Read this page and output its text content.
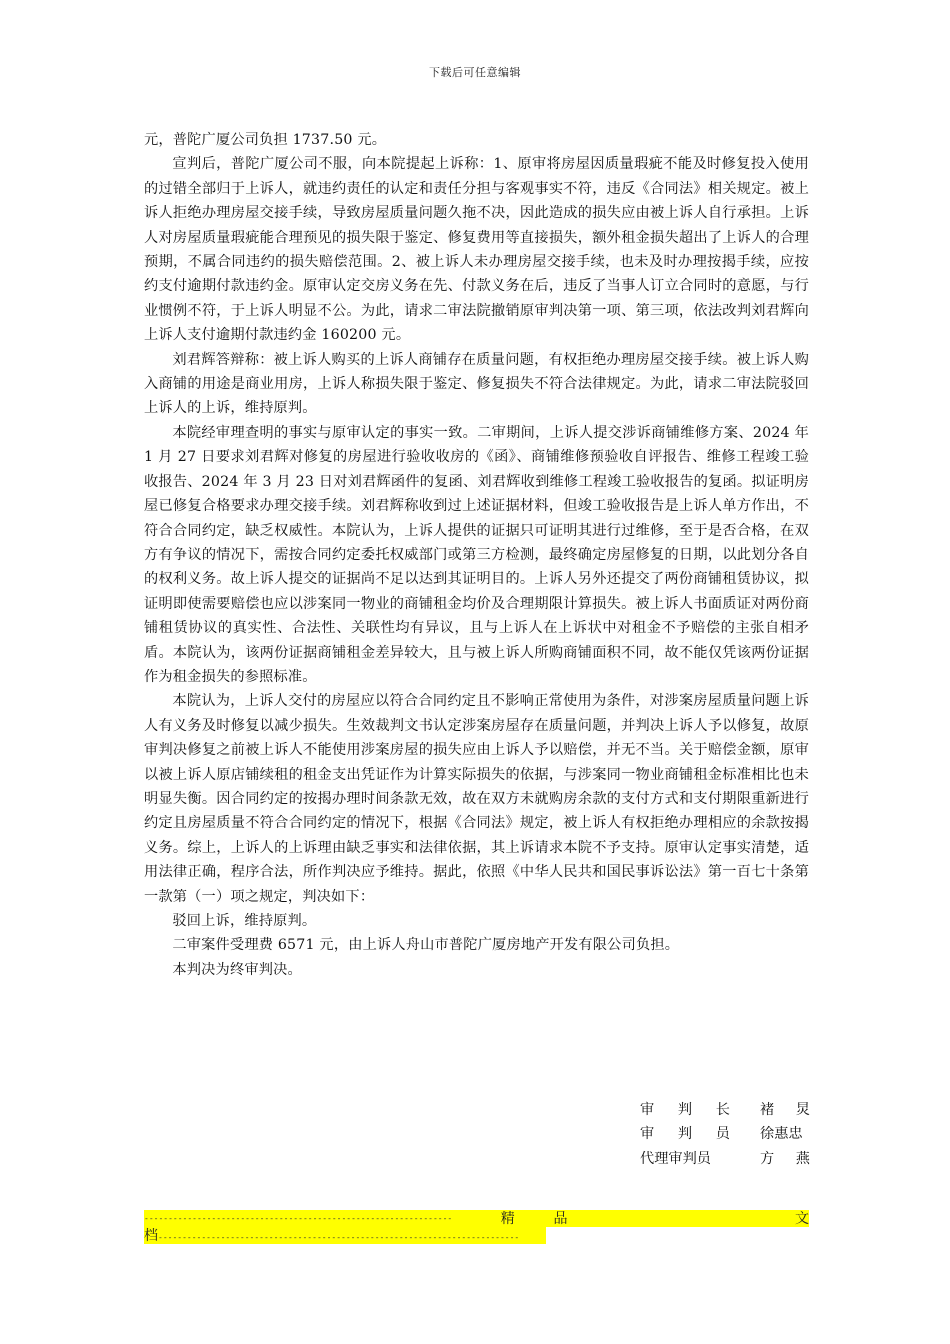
下载后可任意编辑

元，普陀广厦公司负担 1737.50 元。

宣判后，普陀广厦公司不服，向本院提起上诉称：1、原审将房屋因质量瑕疵不能及时修复投入使用的过错全部归于上诉人，就违约责任的认定和责任分担与客观事实不符，违反《合同法》相关规定。被上诉人拒绝办理房屋交接手续，导致房屋质量问题久拖不决，因此造成的损失应由被上诉人自行承担。上诉人对房屋质量瑕疵能合理预见的损失限于鉴定、修复费用等直接损失，额外租金损失超出了上诉人的合理预期，不属合同违约的损失赔偿范围。2、被上诉人未办理房屋交接手续，也未及时办理按揭手续，应按约支付逾期付款违约金。原审认定交房义务在先、付款义务在后，违反了当事人订立合同时的意愿，与行业惯例不符，于上诉人明显不公。为此，请求二审法院撤销原审判决第一项、第三项，依法改判刘君辉向上诉人支付逾期付款违约金 160200 元。

刘君辉答辩称：被上诉人购买的上诉人商铺存在质量问题，有权拒绝办理房屋交接手续。被上诉人购入商铺的用途是商业用房，上诉人称损失限于鉴定、修复损失不符合法律规定。为此，请求二审法院驳回上诉人的上诉，维持原判。

本院经审理查明的事实与原审认定的事实一致。二审期间，上诉人提交涉诉商铺维修方案、2024 年 1 月 27 日要求刘君辉对修复的房屋进行验收收房的《函》、商铺维修预验收自评报告、维修工程竣工验收报告、2024 年 3 月 23 日对刘君辉函件的复函、刘君辉收到维修工程竣工验收报告的复函。拟证明房屋已修复合格要求办理交接手续。刘君辉称收到过上述证据材料，但竣工验收报告是上诉人单方作出，不符合合同约定，缺乏权威性。本院认为，上诉人提供的证据只可证明其进行过维修，至于是否合格，在双方有争议的情况下，需按合同约定委托权威部门或第三方检测，最终确定房屋修复的日期，以此划分各自的权利义务。故上诉人提交的证据尚不足以达到其证明目的。上诉人另外还提交了两份商铺租赁协议，拟证明即使需要赔偿也应以涉案同一物业的商铺租金均价及合理期限计算损失。被上诉人书面质证对两份商铺租赁协议的真实性、合法性、关联性均有异议，且与上诉人在上诉状中对租金不予赔偿的主张自相矛盾。本院认为，该两份证据商铺租金差异较大，且与被上诉人所购商铺面积不同，故不能仅凭该两份证据作为租金损失的参照标准。

本院认为，上诉人交付的房屋应以符合合同约定且不影响正常使用为条件，对涉案房屋质量问题上诉人有义务及时修复以减少损失。生效裁判文书认定涉案房屋存在质量问题，并判决上诉人予以修复，故原审判决修复之前被上诉人不能使用涉案房屋的损失应由上诉人予以赔偿，并无不当。关于赔偿金额，原审以被上诉人原店铺续租的租金支出凭证作为计算实际损失的依据，与涉案同一物业商铺租金标准相比也未明显失衡。因合同约定的按揭办理时间条款无效，故在双方未就购房余款的支付方式和支付期限重新进行约定且房屋质量不符合合同约定的情况下，根据《合同法》规定，被上诉人有权拒绝办理相应的余款按揭义务。综上，上诉人的上诉理由缺乏事实和法律依据，其上诉请求本院不予支持。原审认定事实清楚，适用法律正确，程序合法，所作判决应予维持。据此，依照《中华人民共和国民事诉讼法》第一百七十条第一款第（一）项之规定，判决如下：

驳回上诉，维持原判。

二审案件受理费 6571 元，由上诉人舟山市普陀广厦房地产开发有限公司负担。

本判决为终审判决。

审 判 长 褚 炅
审 判 员 徐惠忠
代理审判员	方 燕
----------------------------------------------------------------	精	品	文
档---------------------------------------------------------------------------
